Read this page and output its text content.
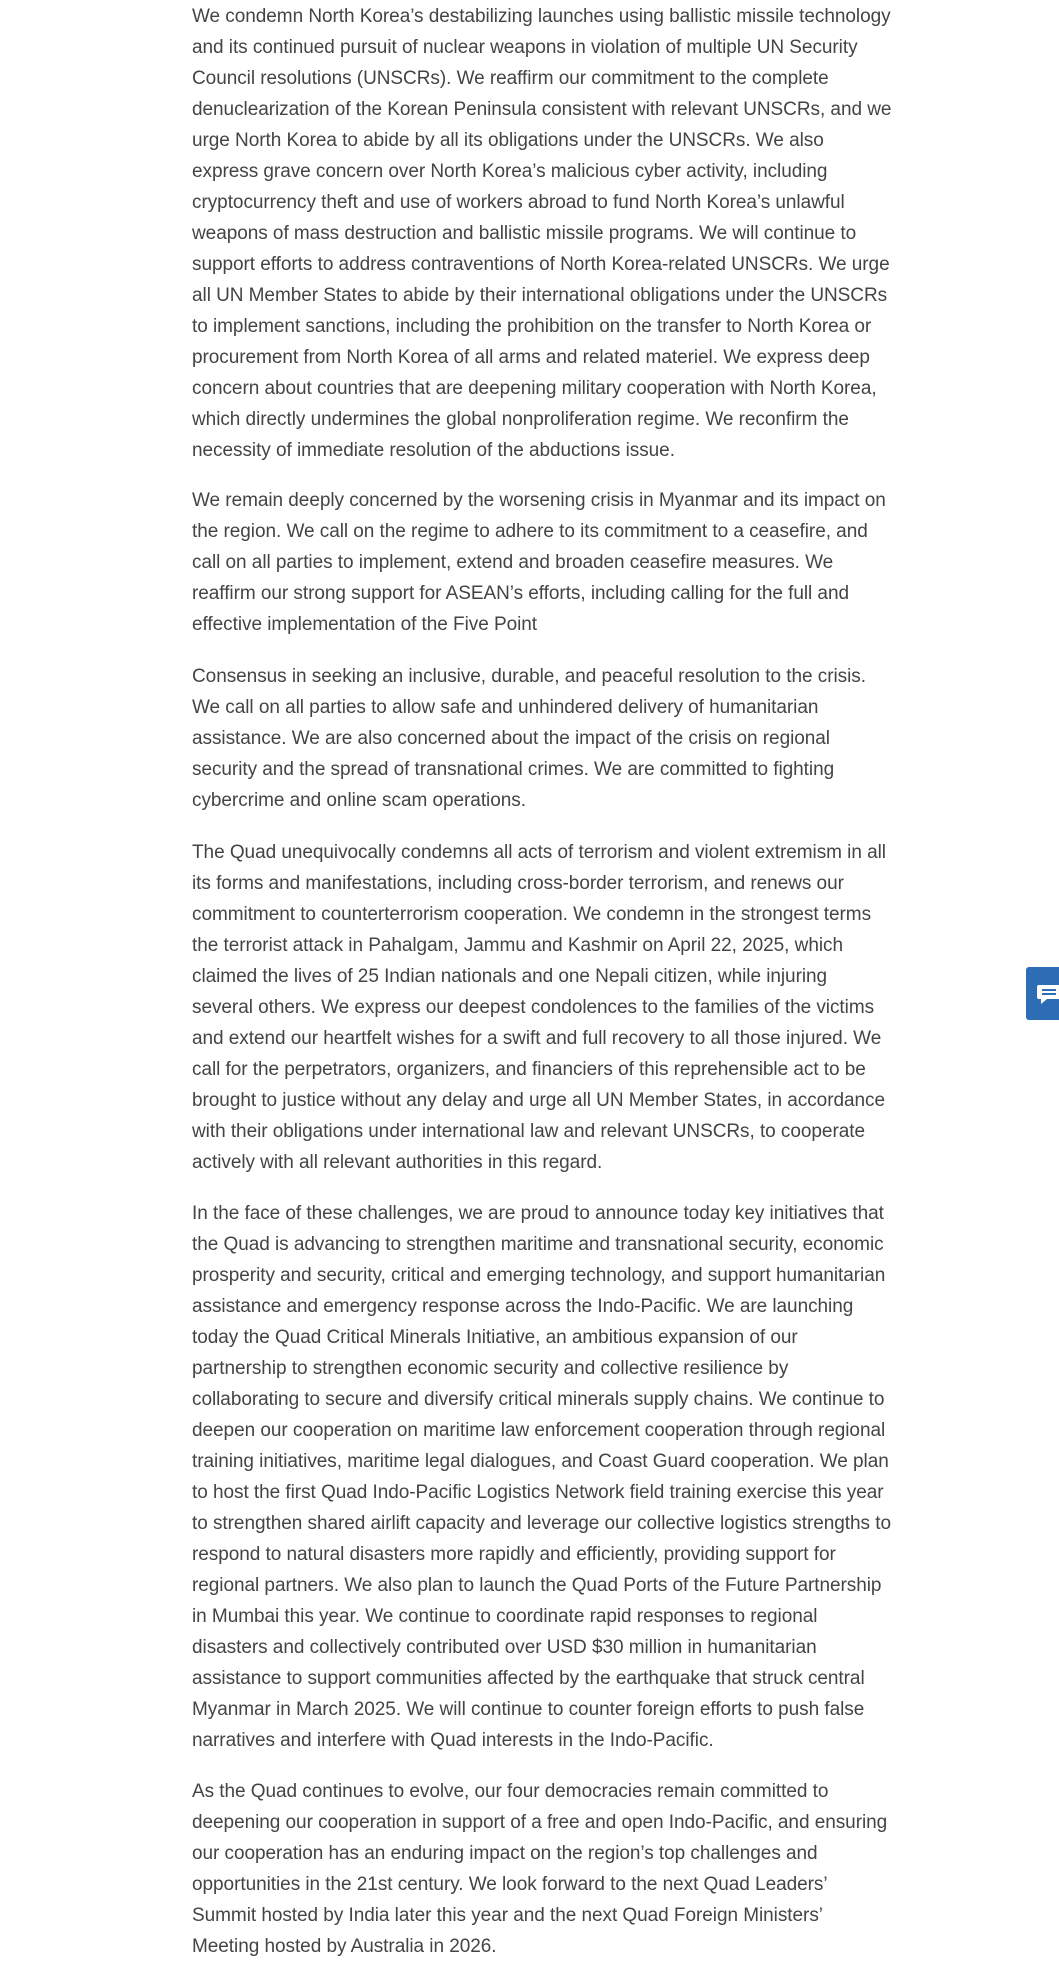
We condemn North Korea’s destabilizing launches using ballistic missile technology and its continued pursuit of nuclear weapons in violation of multiple UN Security Council resolutions (UNSCRs). We reaffirm our commitment to the complete denuclearization of the Korean Peninsula consistent with relevant UNSCRs, and we urge North Korea to abide by all its obligations under the UNSCRs. We also express grave concern over North Korea’s malicious cyber activity, including cryptocurrency theft and use of workers abroad to fund North Korea’s unlawful weapons of mass destruction and ballistic missile programs. We will continue to support efforts to address contraventions of North Korea-related UNSCRs. We urge all UN Member States to abide by their international obligations under the UNSCRs to implement sanctions, including the prohibition on the transfer to North Korea or procurement from North Korea of all arms and related materiel. We express deep concern about countries that are deepening military cooperation with North Korea, which directly undermines the global nonproliferation regime. We reconfirm the necessity of immediate resolution of the abductions issue.

We remain deeply concerned by the worsening crisis in Myanmar and its impact on the region. We call on the regime to adhere to its commitment to a ceasefire, and call on all parties to implement, extend and broaden ceasefire measures. We reaffirm our strong support for ASEAN’s efforts, including calling for the full and effective implementation of the Five Point

Consensus in seeking an inclusive, durable, and peaceful resolution to the crisis. We call on all parties to allow safe and unhindered delivery of humanitarian assistance. We are also concerned about the impact of the crisis on regional security and the spread of transnational crimes. We are committed to fighting cybercrime and online scam operations.

The Quad unequivocally condemns all acts of terrorism and violent extremism in all its forms and manifestations, including cross-border terrorism, and renews our commitment to counterterrorism cooperation. We condemn in the strongest terms the terrorist attack in Pahalgam, Jammu and Kashmir on April 22, 2025, which claimed the lives of 25 Indian nationals and one Nepali citizen, while injuring several others. We express our deepest condolences to the families of the victims and extend our heartfelt wishes for a swift and full recovery to all those injured. We call for the perpetrators, organizers, and financiers of this reprehensible act to be brought to justice without any delay and urge all UN Member States, in accordance with their obligations under international law and relevant UNSCRs, to cooperate actively with all relevant authorities in this regard.

In the face of these challenges, we are proud to announce today key initiatives that the Quad is advancing to strengthen maritime and transnational security, economic prosperity and security, critical and emerging technology, and support humanitarian assistance and emergency response across the Indo-Pacific. We are launching today the Quad Critical Minerals Initiative, an ambitious expansion of our partnership to strengthen economic security and collective resilience by collaborating to secure and diversify critical minerals supply chains. We continue to deepen our cooperation on maritime law enforcement cooperation through regional training initiatives, maritime legal dialogues, and Coast Guard cooperation. We plan to host the first Quad Indo-Pacific Logistics Network field training exercise this year to strengthen shared airlift capacity and leverage our collective logistics strengths to respond to natural disasters more rapidly and efficiently, providing support for regional partners. We also plan to launch the Quad Ports of the Future Partnership in Mumbai this year. We continue to coordinate rapid responses to regional disasters and collectively contributed over USD $30 million in humanitarian assistance to support communities affected by the earthquake that struck central Myanmar in March 2025. We will continue to counter foreign efforts to push false narratives and interfere with Quad interests in the Indo-Pacific.

As the Quad continues to evolve, our four democracies remain committed to deepening our cooperation in support of a free and open Indo-Pacific, and ensuring our cooperation has an enduring impact on the region’s top challenges and opportunities in the 21st century. We look forward to the next Quad Leaders’ Summit hosted by India later this year and the next Quad Foreign Ministers’ Meeting hosted by Australia in 2026.
